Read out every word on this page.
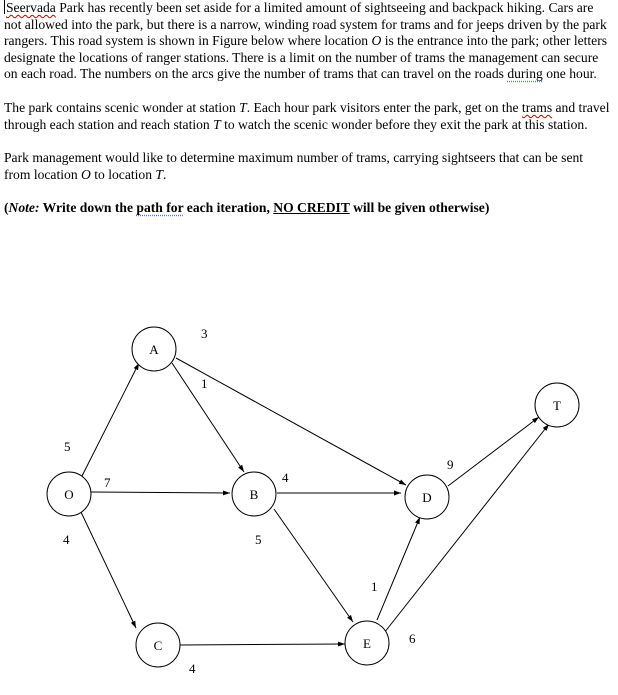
Seervada Park has recently been set aside for a limited amount of sightseeing and backpack hiking. Cars are not allowed into the park, but there is a narrow, winding road system for trams and for jeeps driven by the park rangers. This road system is shown in Figure below where location O is the entrance into the park; other letters designate the locations of ranger stations. There is a limit on the number of trams the management can secure on each road. The numbers on the arcs give the number of trams that can travel on the roads during one hour.

The park contains scenic wonder at station T. Each hour park visitors enter the park, get on the trams and travel through each station and reach station T to watch the scenic wonder before they exit the park at this station.

Park management would like to determine maximum number of trams, carrying sightseers that can be sent from location O to location T.

(Note: Write down the path for each iteration, NO CREDIT will be given otherwise)

A
O	B
C
D
E
T
5
7
4
3
1
4
5
4
1
9
6
